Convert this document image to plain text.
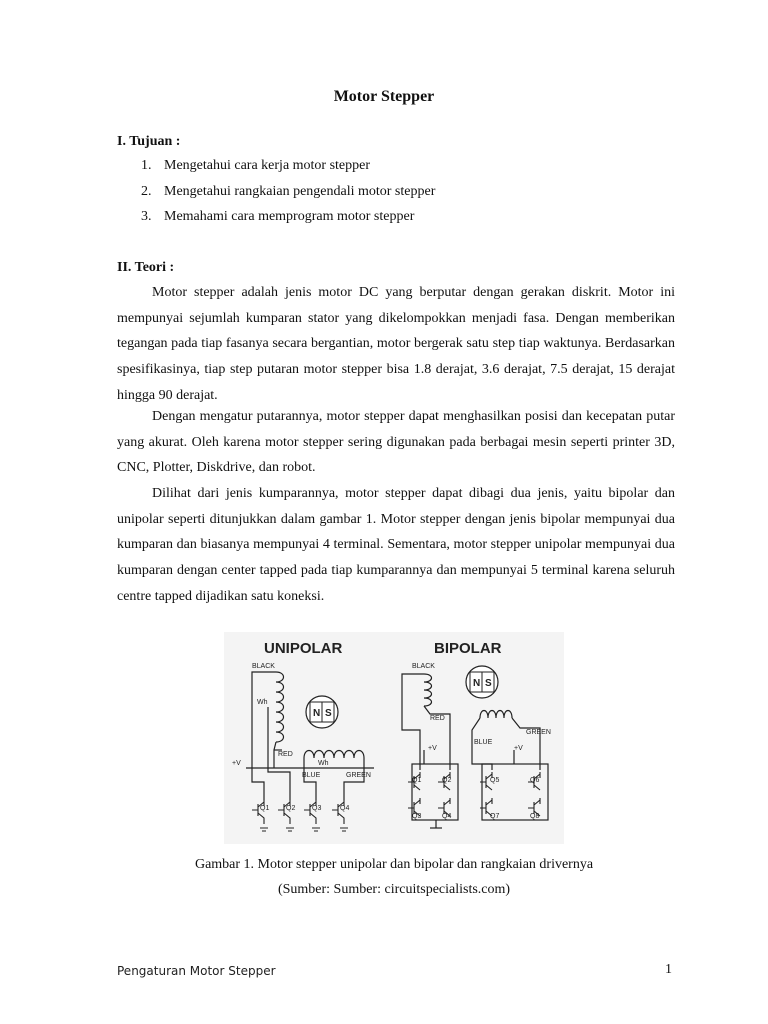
Motor Stepper
I. Tujuan :
1. Mengetahui cara kerja motor stepper
2. Mengetahui rangkaian pengendali motor stepper
3. Memahami cara memprogram motor stepper
II. Teori :

Motor stepper adalah jenis motor DC yang berputar dengan gerakan diskrit. Motor ini mempunyai sejumlah kumparan stator yang dikelompokkan menjadi fasa. Dengan memberikan tegangan pada tiap fasanya secara bergantian, motor bergerak satu step tiap waktunya. Berdasarkan spesifikasinya, tiap step putaran motor stepper bisa 1.8 derajat, 3.6 derajat, 7.5 derajat, 15 derajat hingga 90 derajat.

Dengan mengatur putarannya, motor stepper dapat menghasilkan posisi dan kecepatan putar yang akurat. Oleh karena motor stepper sering digunakan pada berbagai mesin seperti printer 3D, CNC, Plotter, Diskdrive, dan robot.

Dilihat dari jenis kumparannya, motor stepper dapat dibagi dua jenis, yaitu bipolar dan unipolar seperti ditunjukkan dalam gambar 1. Motor stepper dengan jenis bipolar mempunyai dua kumparan dan biasanya mempunyai 4 terminal. Sementara, motor stepper unipolar mempunyai dua kumparan dengan center tapped pada tiap kumparannya dan mempunyai 5 terminal karena seluruh centre tapped dijadikan satu koneksi.

UNIPOLAR
BLACK
Wh
RED
Wh
BLUE	GREEN
+V
N S
Q1 Q2 Q3	Q4
BIPOLAR
BLACK
RED
BLUE
GREEN
+V	+V
N S
Q1	Q2
Q3	Q4
Q5	Q6
Q7	Q8
Gambar 1. Motor stepper unipolar dan bipolar dan rangkaian drivernya
(Sumber: Sumber: circuitspecialists.com)
Pengaturan Motor Stepper	1
